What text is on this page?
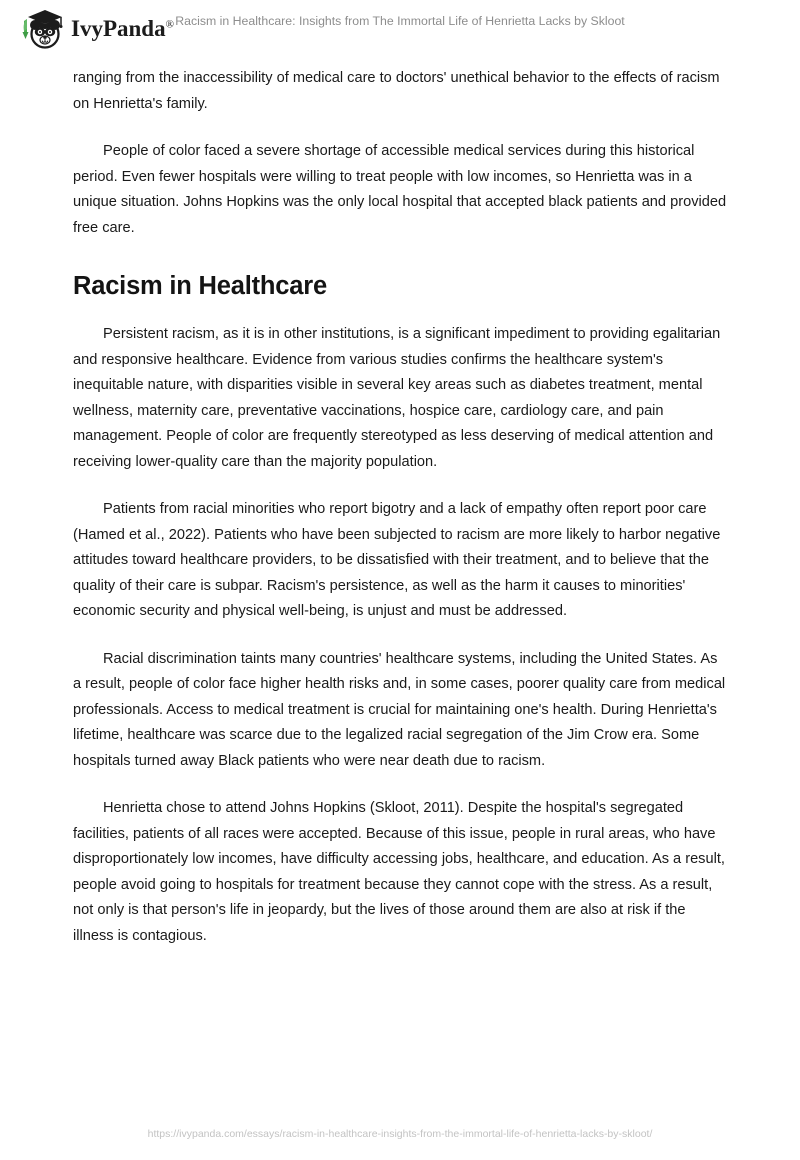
IvyPanda® Racism in Healthcare: Insights from The Immortal Life of Henrietta Lacks by Skloot

ranging from the inaccessibility of medical care to doctors' unethical behavior to the effects of racism on Henrietta's family.

People of color faced a severe shortage of accessible medical services during this historical period. Even fewer hospitals were willing to treat people with low incomes, so Henrietta was in a unique situation. Johns Hopkins was the only local hospital that accepted black patients and provided free care.

Racism in Healthcare

Persistent racism, as it is in other institutions, is a significant impediment to providing egalitarian and responsive healthcare. Evidence from various studies confirms the healthcare system's inequitable nature, with disparities visible in several key areas such as diabetes treatment, mental wellness, maternity care, preventative vaccinations, hospice care, cardiology care, and pain management. People of color are frequently stereotyped as less deserving of medical attention and receiving lower-quality care than the majority population.

Patients from racial minorities who report bigotry and a lack of empathy often report poor care (Hamed et al., 2022). Patients who have been subjected to racism are more likely to harbor negative attitudes toward healthcare providers, to be dissatisfied with their treatment, and to believe that the quality of their care is subpar. Racism's persistence, as well as the harm it causes to minorities' economic security and physical well-being, is unjust and must be addressed.

Racial discrimination taints many countries' healthcare systems, including the United States. As a result, people of color face higher health risks and, in some cases, poorer quality care from medical professionals. Access to medical treatment is crucial for maintaining one's health. During Henrietta's lifetime, healthcare was scarce due to the legalized racial segregation of the Jim Crow era. Some hospitals turned away Black patients who were near death due to racism.

Henrietta chose to attend Johns Hopkins (Skloot, 2011). Despite the hospital's segregated facilities, patients of all races were accepted. Because of this issue, people in rural areas, who have disproportionately low incomes, have difficulty accessing jobs, healthcare, and education. As a result, people avoid going to hospitals for treatment because they cannot cope with the stress. As a result, not only is that person's life in jeopardy, but the lives of those around them are also at risk if the illness is contagious.

https://ivypanda.com/essays/racism-in-healthcare-insights-from-the-immortal-life-of-henrietta-lacks-by-skloot/
